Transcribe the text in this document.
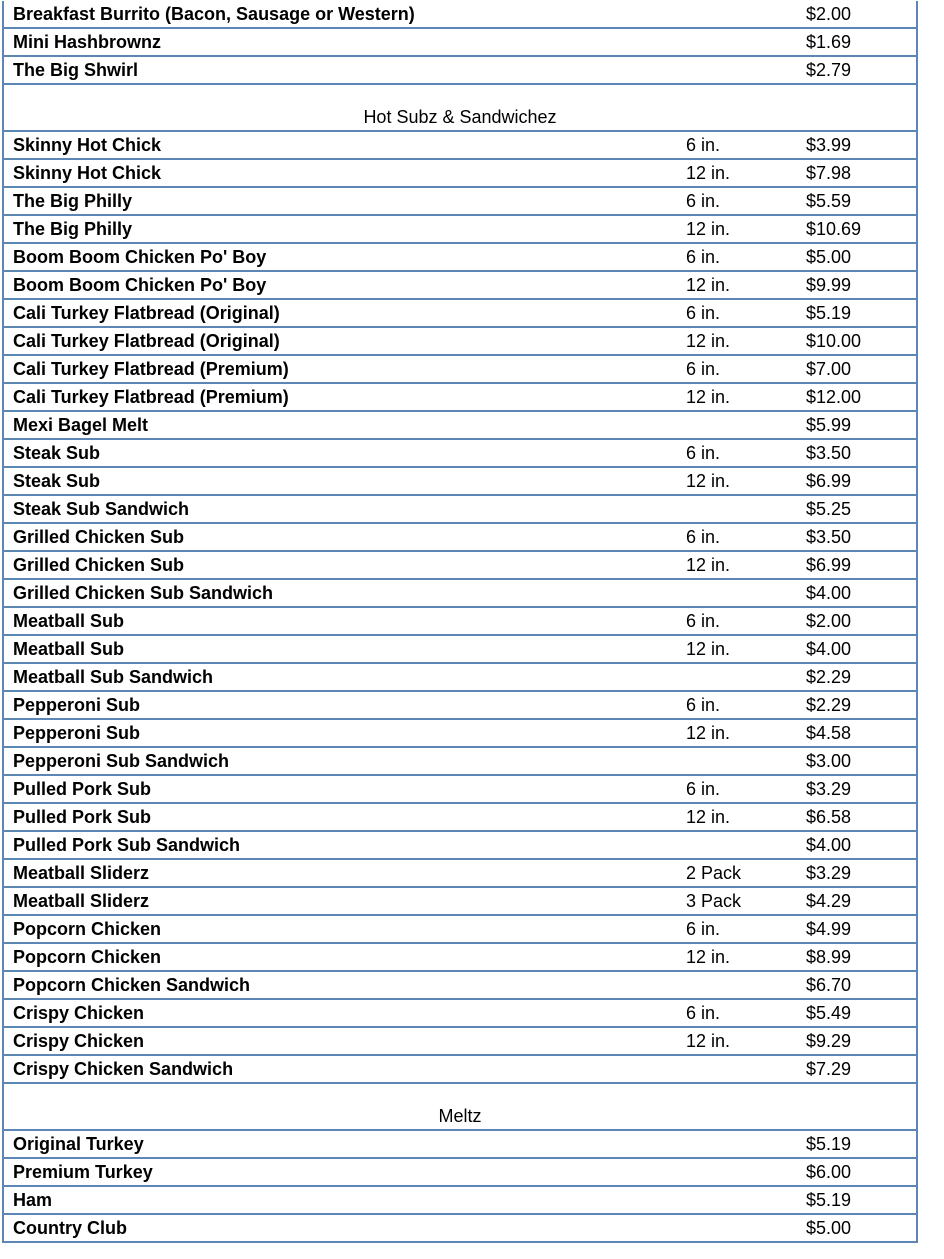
Breakfast Burrito (Bacon, Sausage or Western)		$2.00
Mini Hashbrownz		$1.69
The Big Shwirl		$2.79
Hot Subz & Sandwichez		
Skinny Hot Chick	6 in.	$3.99
Skinny Hot Chick	12 in.	$7.98
The Big Philly	6 in.	$5.59
The Big Philly	12 in.	$10.69
Boom Boom Chicken Po' Boy	6 in.	$5.00
Boom Boom Chicken Po' Boy	12 in.	$9.99
Cali Turkey Flatbread (Original)	6 in.	$5.19
Cali Turkey Flatbread (Original)	12 in.	$10.00
Cali Turkey Flatbread (Premium)	6 in.	$7.00
Cali Turkey Flatbread (Premium)	12 in.	$12.00
Mexi Bagel Melt		$5.99
Steak Sub	6 in.	$3.50
Steak Sub	12 in.	$6.99
Steak Sub Sandwich		$5.25
Grilled Chicken Sub	6 in.	$3.50
Grilled Chicken Sub	12 in.	$6.99
Grilled Chicken Sub Sandwich		$4.00
Meatball Sub	6 in.	$2.00
Meatball Sub	12 in.	$4.00
Meatball Sub Sandwich		$2.29
Pepperoni Sub	6 in.	$2.29
Pepperoni Sub	12 in.	$4.58
Pepperoni Sub Sandwich		$3.00
Pulled Pork Sub	6 in.	$3.29
Pulled Pork Sub	12 in.	$6.58
Pulled Pork Sub Sandwich		$4.00
Meatball Sliderz	2 Pack	$3.29
Meatball Sliderz	3 Pack	$4.29
Popcorn Chicken	6 in.	$4.99
Popcorn Chicken	12 in.	$8.99
Popcorn Chicken Sandwich		$6.70
Crispy Chicken	6 in.	$5.49
Crispy Chicken	12 in.	$9.29
Crispy Chicken Sandwich		$7.29
Meltz		
Original Turkey		$5.19
Premium Turkey		$6.00
Ham		$5.19
Country Club		$5.00
